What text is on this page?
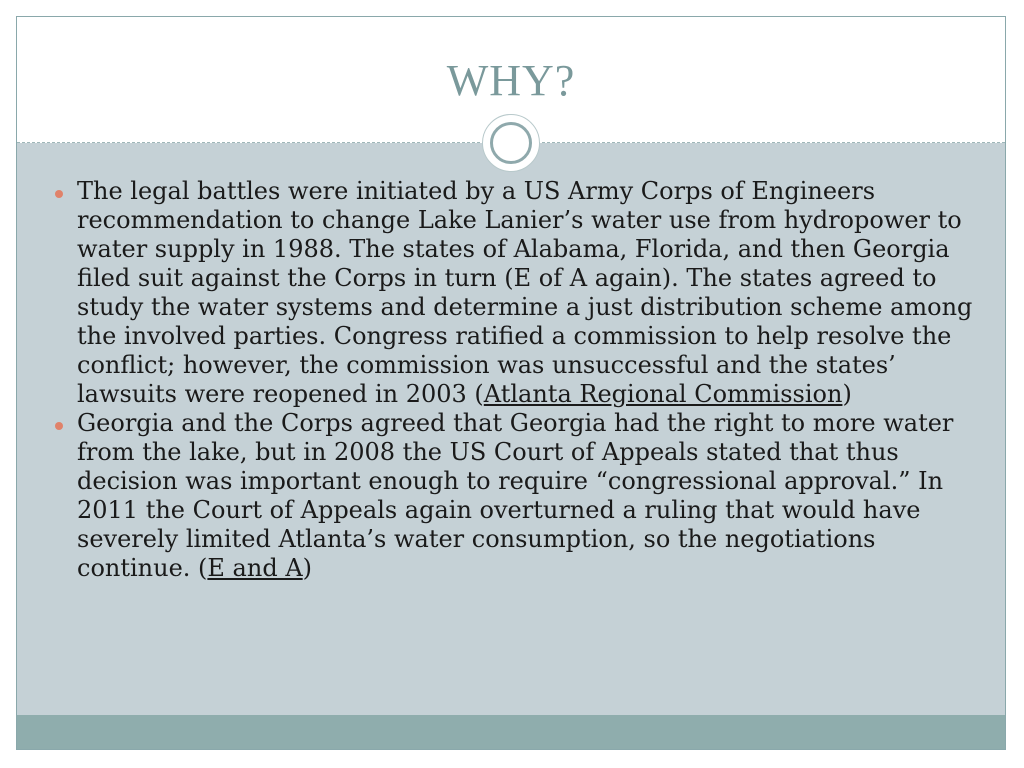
WHY?
The legal battles were initiated by a US Army Corps of Engineers recommendation to change Lake Lanier’s water use from hydropower to water supply in 1988. The states of Alabama, Florida, and then Georgia filed suit against the Corps in turn (E of A again). The states agreed to study the water systems and determine a just distribution scheme among the involved parties. Congress ratified a commission to help resolve the conflict; however, the commission was unsuccessful and the states’ lawsuits were reopened in 2003 (Atlanta Regional Commission)
Georgia and the Corps agreed that Georgia had the right to more water from the lake, but in 2008 the US Court of Appeals stated that thus decision was important enough to require “congressional approval.” In 2011 the Court of Appeals again overturned a ruling that would have severely limited Atlanta’s water consumption, so the negotiations continue. (E and A)
